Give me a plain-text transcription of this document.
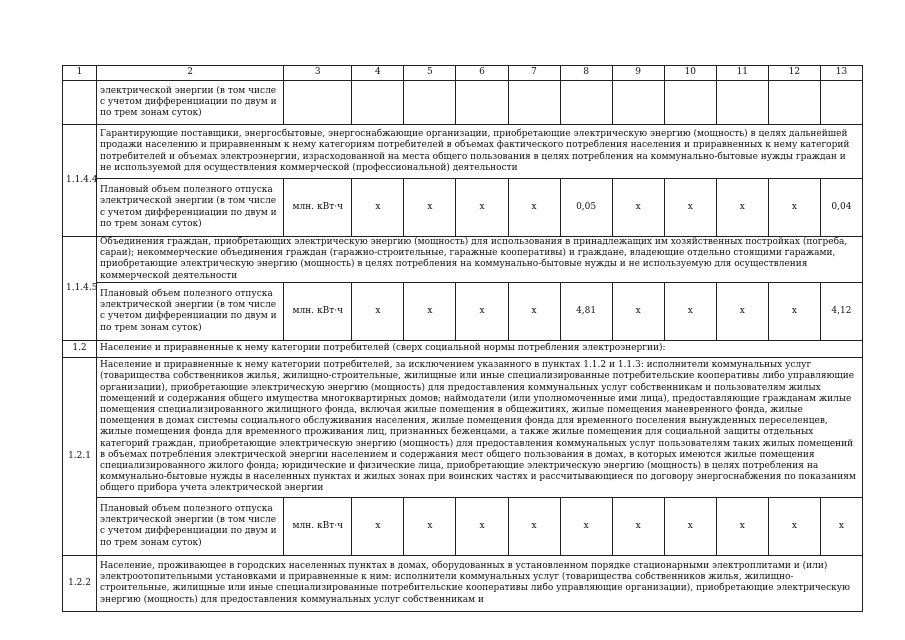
1	2	3	4	5	6	7	8	9	10	11	12	13
	электрической энергии (в том числе с учетом дифференциации по двум и по трем зонам суток)											
1.1.4.4	Гарантирующие поставщики, энергосбытовые, энергоснабжающие организации, приобретающие электрическую энергию (мощность) в целях дальнейшей продажи населению и приравненным к нему категориям потребителей в объемах фактического потребления населения и приравненных к нему категорий потребителей и объемах электроэнергии, израсходованной на места общего пользования в целях потребления на коммунально-бытовые нужды граждан и не используемой для осуществления коммерческой (профессиональной) деятельности											
	Плановый объем полезного отпуска электрической энергии (в том числе с учетом дифференциации по двум и по трем зонам суток)	млн. кВт·ч	х	х	х	х	0,05	х	х	х	х	0,04
1.1.4.5	Объединения граждан, приобретающих электрическую энергию (мощность) для использования в принадлежащих им хозяйственных постройках (погреба, сараи); некоммерческие объединения граждан (гаражно-строительные, гаражные кооперативы) и граждане, владеющие отдельно стоящими гаражами, приобретающие электрическую энергию (мощность) в целях потребления на коммунально-бытовые нужды и не используемую для осуществления коммерческой деятельности											
	Плановый объем полезного отпуска электрической энергии (в том числе с учетом дифференциации по двум и по трем зонам суток)	млн. кВт·ч	х	х	х	х	4,81	х	х	х	х	4,12
1.2	Население и приравненные к нему категории потребителей (сверх социальной нормы потребления электроэнергии):											
1.2.1	Население и приравненные к нему категории потребителей, за исключением указанного в пунктах 1.1.2 и 1.1.3: исполнители коммунальных услуг (товарищества собственников жилья, жилищно-строительные, жилищные или иные специализированные потребительские кооперативы либо управляющие организации), приобретающие электрическую энергию (мощность) для предоставления коммунальных услуг собственникам и пользователям жилых помещений и содержания общего имущества многоквартирных домов; наймодатели (или уполномоченные ими лица), предоставляющие гражданам жилые помещения специализированного жилищного фонда, включая жилые помещения в общежитиях, жилые помещения маневренного фонда, жилые помещения в домах системы социального обслуживания населения, жилые помещения фонда для временного поселения вынужденных переселенцев, жилые помещения фонда для временного проживания лиц, признанных беженцами, а также жилые помещения для социальной защиты отдельных категорий граждан, приобретающие электрическую энергию (мощность) для предоставления коммунальных услуг пользователям таких жилых помещений в объемах потребления электрической энергии населением и содержания мест общего пользования в домах, в которых имеются жилые помещения специализированного жилого фонда; юридические и физические лица, приобретающие электрическую энергию (мощность) в целях потребления на коммунально-бытовые нужды в населенных пунктах и жилых зонах при воинских частях и рассчитывающиеся по договору энергоснабжения по показаниям общего прибора учета электрической энергии											
	Плановый объем полезного отпуска электрической энергии (в том числе с учетом дифференциации по двум и по трем зонам суток)	млн. кВт·ч	х	х	х	х	х	х	х	х	х	х
1.2.2	Население, проживающее в городских населенных пунктах в домах, оборудованных в установленном порядке стационарными электроплитами и (или) электроотопительными установками и приравненные к ним: исполнители коммунальных услуг (товарищества собственников жилья, жилищно-строительные, жилищные или иные специализированные потребительские кооперативы либо управляющие организации), приобретающие электрическую энергию (мощность) для предоставления коммунальных услуг собственникам и											
